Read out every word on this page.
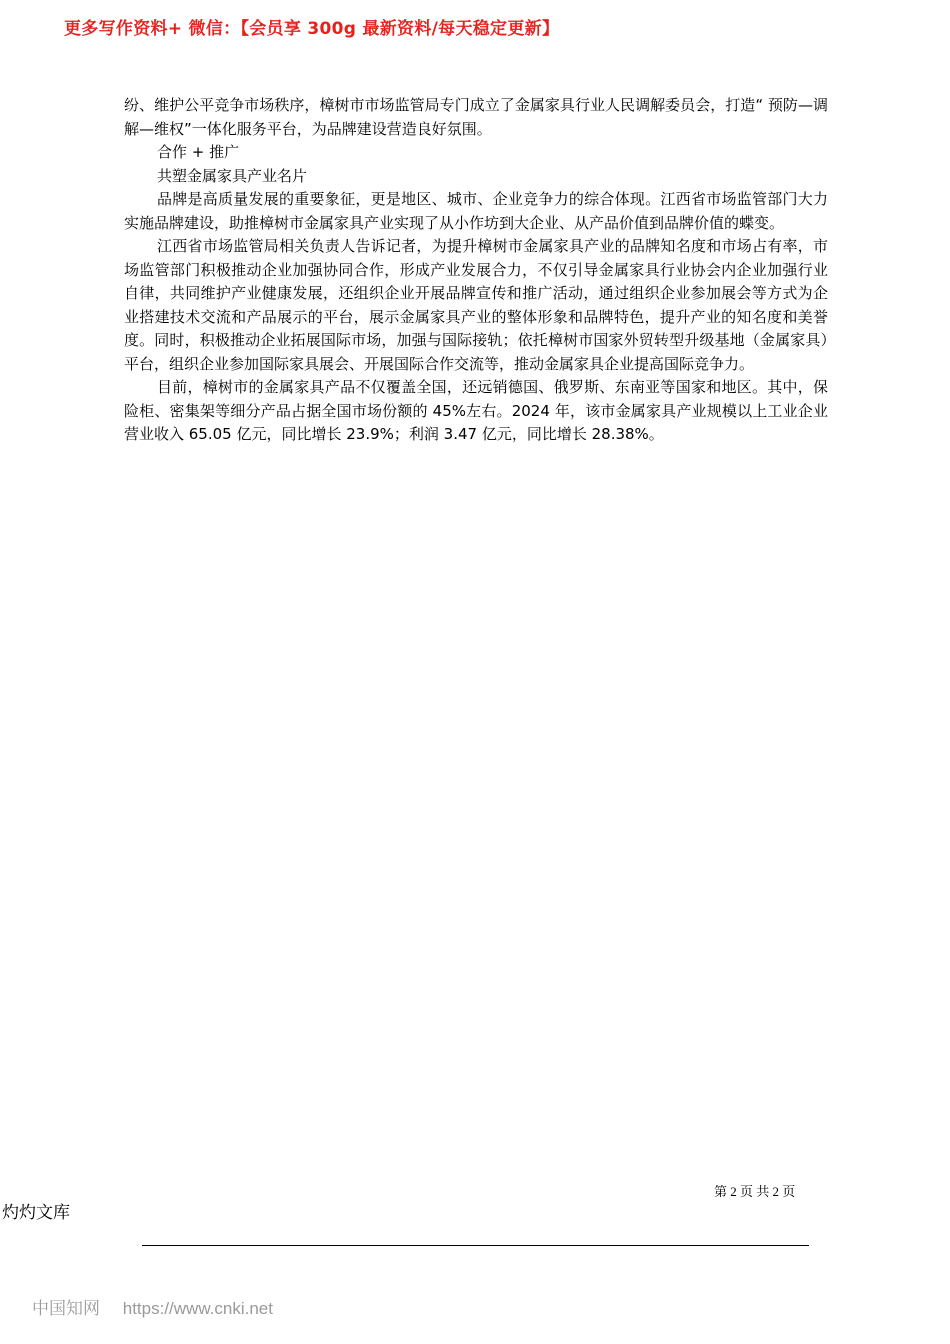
更多写作资料+ 微信：【会员享 300g 最新资料/每天稳定更新】

纷、维护公平竞争市场秩序，樟树市市场监管局专门成立了金属家具行业人民调解委员会，打造“ 预防—调解—维权”一体化服务平台，为品牌建设营造良好氛围。

合作 + 推广

共塑金属家具产业名片

品牌是高质量发展的重要象征，更是地区、城市、企业竞争力的综合体现。江西省市场监管部门大力实施品牌建设，助推樟树市金属家具产业实现了从小作坊到大企业、从产品价值到品牌价值的蝶变。

江西省市场监管局相关负责人告诉记者，为提升樟树市金属家具产业的品牌知名度和市场占有率，市场监管部门积极推动企业加强协同合作，形成产业发展合力，不仅引导金属家具行业协会内企业加强行业自律，共同维护产业健康发展，还组织企业开展品牌宣传和推广活动，通过组织企业参加展会等方式为企业搭建技术交流和产品展示的平台，展示金属家具产业的整体形象和品牌特色，提升产业的知名度和美誉度。同时，积极推动企业拓展国际市场，加强与国际接轨；依托樟树市国家外贸转型升级基地（金属家具）平台，组织企业参加国际家具展会、开展国际合作交流等，推动金属家具企业提高国际竞争力。

目前，樟树市的金属家具产品不仅覆盖全国，还远销德国、俄罗斯、东南亚等国家和地区。其中，保险柜、密集架等细分产品占据全国市场份额的 45%左右。2024 年，该市金属家具产业规模以上工业企业营业收入 65.05 亿元，同比增长 23.9%；利润 3.47 亿元，同比增长 28.38%。

第 2 页 共 2 页
灼灼文库
中国知网 https://www.cnki.net
